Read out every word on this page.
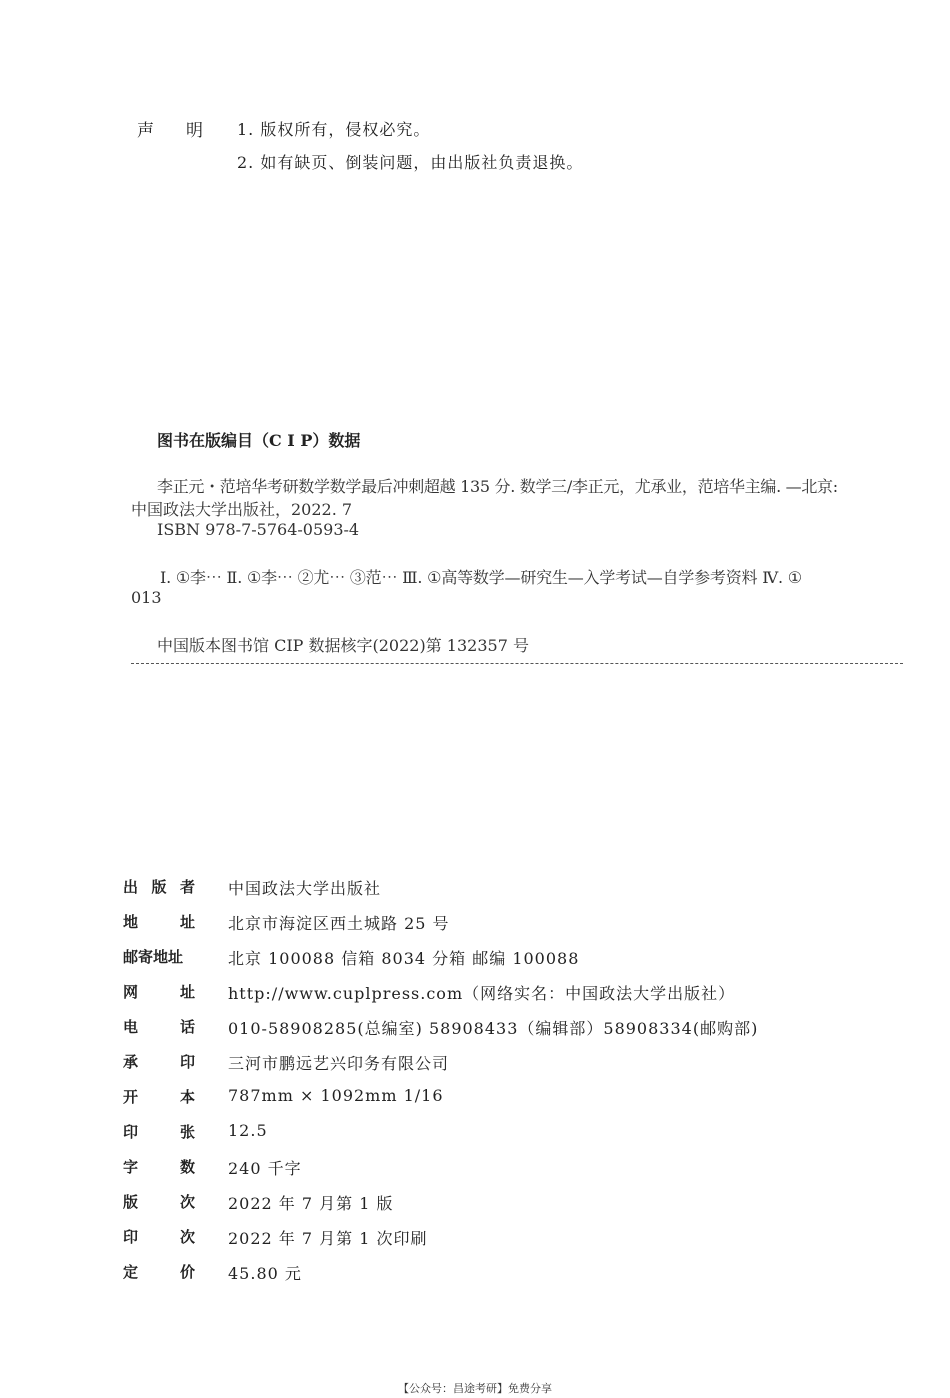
声 明 1. 版权所有，侵权必究。
2. 如有缺页、倒装问题，由出版社负责退换。
图书在版编目（C I P）数据
李正元・范培华考研数学数学最后冲刺超越 135 分. 数学三/李正元，尤承业，范培华主编. —北京:
中国政法大学出版社，2022. 7
ISBN 978-7-5764-0593-4
Ⅰ. ①李⋯ Ⅱ. ①李⋯ ②尤⋯ ③范⋯ Ⅲ. ①高等数学—研究生—入学考试—自学参考资料 Ⅳ. ①
013
中国版本图书馆 CIP 数据核字(2022)第 132357 号
出 版 者 中国政法大学出版社
地	址 北京市海淀区西土城路 25 号
邮寄地址	北京 100088 信箱 8034 分箱 邮编 100088
网	址 http://www.cuplpress.com（网络实名：中国政法大学出版社）
电	话 010-58908285(总编室) 58908433（编辑部）58908334(邮购部)
承	印 三河市鹏远艺兴印务有限公司
开	本 787mm × 1092mm 1/16
印	张 12.5
字	数 240 千字
版	次 2022 年 7 月第 1 版
印	次 2022 年 7 月第 1 次印刷
定	价 45.80 元
【公众号：昌途考研】免费分享
